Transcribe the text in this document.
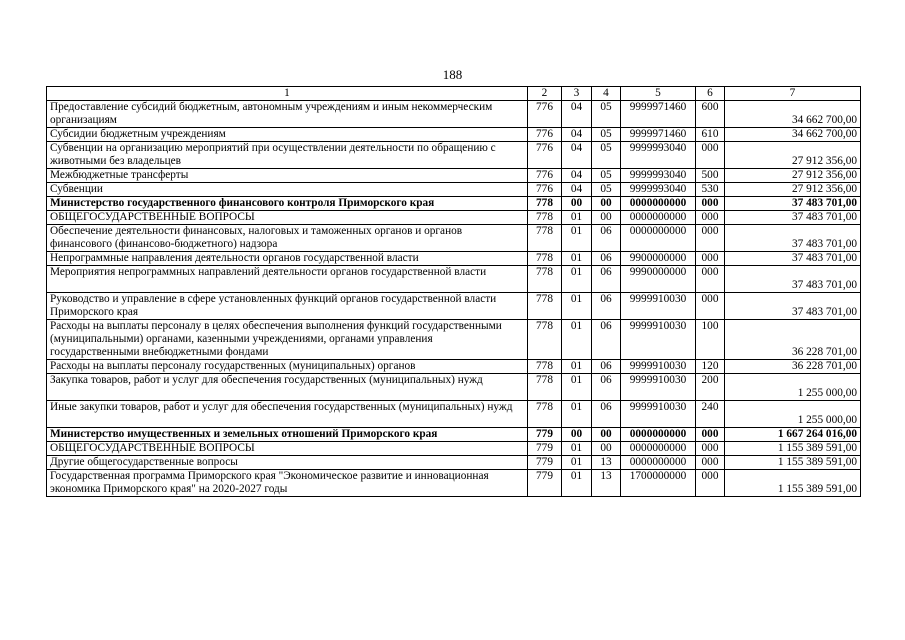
188
1	2	3	4	5	6	7
Предоставление субсидий бюджетным, автономным учреждениям и иным некоммерческим организациям	776	04	05	9999971460	600	34 662 700,00
Субсидии бюджетным учреждениям	776	04	05	9999971460	610	34 662 700,00
Субвенции на организацию мероприятий при осуществлении деятельности по обращению с животными без владельцев	776	04	05	9999993040	000	27 912 356,00
Межбюджетные трансферты	776	04	05	9999993040	500	27 912 356,00
Субвенции	776	04	05	9999993040	530	27 912 356,00
Министерство государственного финансового контроля Приморского края	778	00	00	0000000000	000	37 483 701,00
ОБЩЕГОСУДАРСТВЕННЫЕ ВОПРОСЫ	778	01	00	0000000000	000	37 483 701,00
Обеспечение деятельности финансовых, налоговых и таможенных органов и органов финансового (финансово-бюджетного) надзора	778	01	06	0000000000	000	37 483 701,00
Непрограммные направления деятельности органов государственной власти	778	01	06	9900000000	000	37 483 701,00
Мероприятия непрограммных направлений деятельности органов государственной власти	778	01	06	9990000000	000	37 483 701,00
Руководство и управление в сфере установленных функций органов государственной власти Приморского края	778	01	06	9999910030	000	37 483 701,00
Расходы на выплаты персоналу в целях обеспечения выполнения функций государственными (муниципальными) органами, казенными учреждениями, органами управления государственными внебюджетными фондами	778	01	06	9999910030	100	36 228 701,00
Расходы на выплаты персоналу государственных (муниципальных) органов	778	01	06	9999910030	120	36 228 701,00
Закупка товаров, работ и услуг для обеспечения государственных (муниципальных) нужд	778	01	06	9999910030	200	1 255 000,00
Иные закупки товаров, работ и услуг для обеспечения государственных (муниципальных) нужд	778	01	06	9999910030	240	1 255 000,00
Министерство имущественных и земельных отношений Приморского края	779	00	00	0000000000	000	1 667 264 016,00
ОБЩЕГОСУДАРСТВЕННЫЕ ВОПРОСЫ	779	01	00	0000000000	000	1 155 389 591,00
Другие общегосударственные вопросы	779	01	13	0000000000	000	1 155 389 591,00
Государственная программа Приморского края "Экономическое развитие и инновационная экономика Приморского края" на 2020-2027 годы	779	01	13	1700000000	000	1 155 389 591,00
